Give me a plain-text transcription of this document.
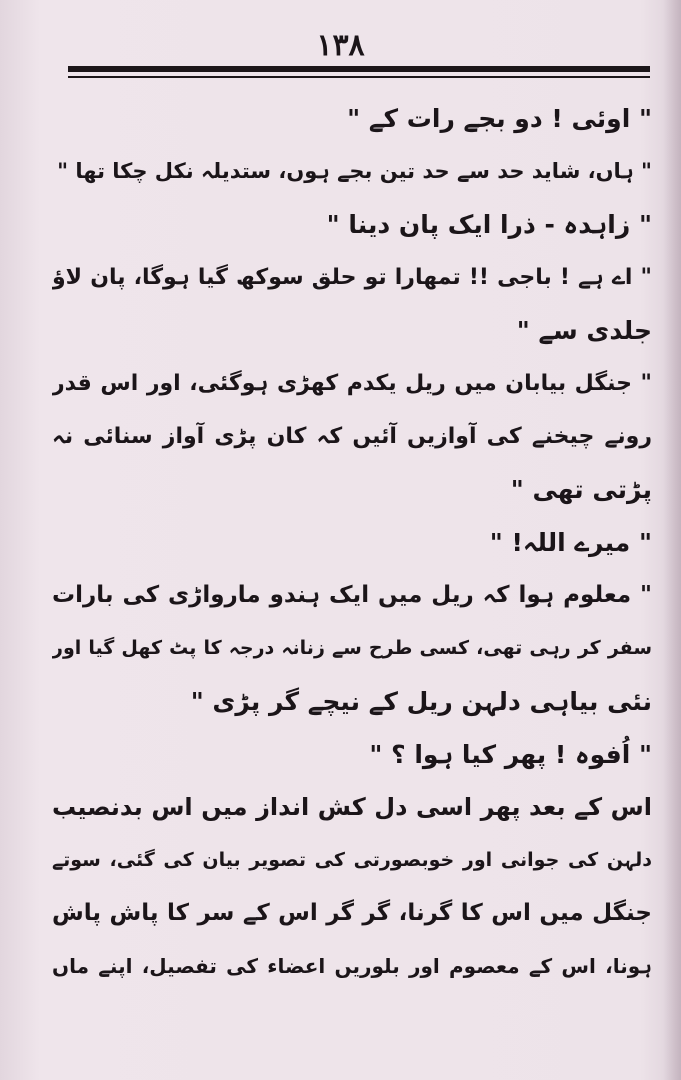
۱۳۸
" اوئی ! دو بجے رات کے "
" ہاں، شاید حد سے حد تین بجے ہوں، ستدیلہ نکل چکا تھا "
" زاہدہ - ذرا ایک پان دینا "
" اے ہے ! باجی !! تمھارا تو حلق سوکھ گیا ہوگا، پان لاؤ
جلدی سے "
" جنگل بیابان میں ریل یکدم کھڑی ہوگئی، اور اس قدر
رونے چیخنے کی آوازیں آئیں کہ کان پڑی آواز سنائی نہ
پڑتی تھی "
" میرے اللہ! "
" معلوم ہوا کہ ریل میں ایک ہندو مارواڑی کی بارات
سفر کر رہی تھی، کسی طرح سے زنانہ درجہ کا پٹ کھل گیا اور
نئی بیاہی دلہن ریل کے نیچے گر پڑی "
" اُفوہ ! پھر کیا ہوا ؟ "
اس کے بعد پھر اسی دل کش انداز میں اس بدنصیب
دلہن کی جوانی اور خوبصورتی کی تصویر بیان کی گئی، سوتے
جنگل میں اس کا گرنا، گر گر اس کے سر کا پاش پاش
ہونا، اس کے معصوم اور بلوریں اعضاء کی تفصیل، اپنے ماں
